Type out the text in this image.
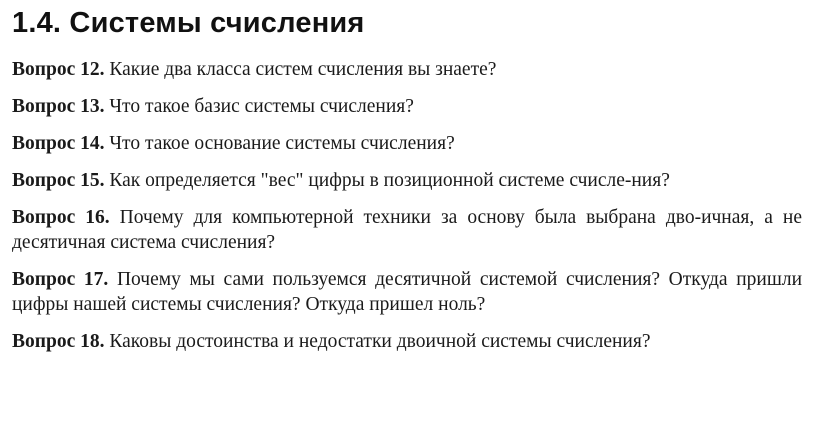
1.4. Системы счисления

Вопрос 12. Какие два класса систем счисления вы знаете?

Вопрос 13. Что такое базис системы счисления?

Вопрос 14. Что такое основание системы счисления?

Вопрос 15. Как определяется "вес" цифры в позиционной системе счисле-ния?

Вопрос 16. Почему для компьютерной техники за основу была выбрана дво-ичная, а не десятичная система счисления?

Вопрос 17. Почему мы сами пользуемся десятичной системой счисления? Откуда пришли цифры нашей системы счисления? Откуда пришел ноль?

Вопрос 18. Каковы достоинства и недостатки двоичной системы счисления?
